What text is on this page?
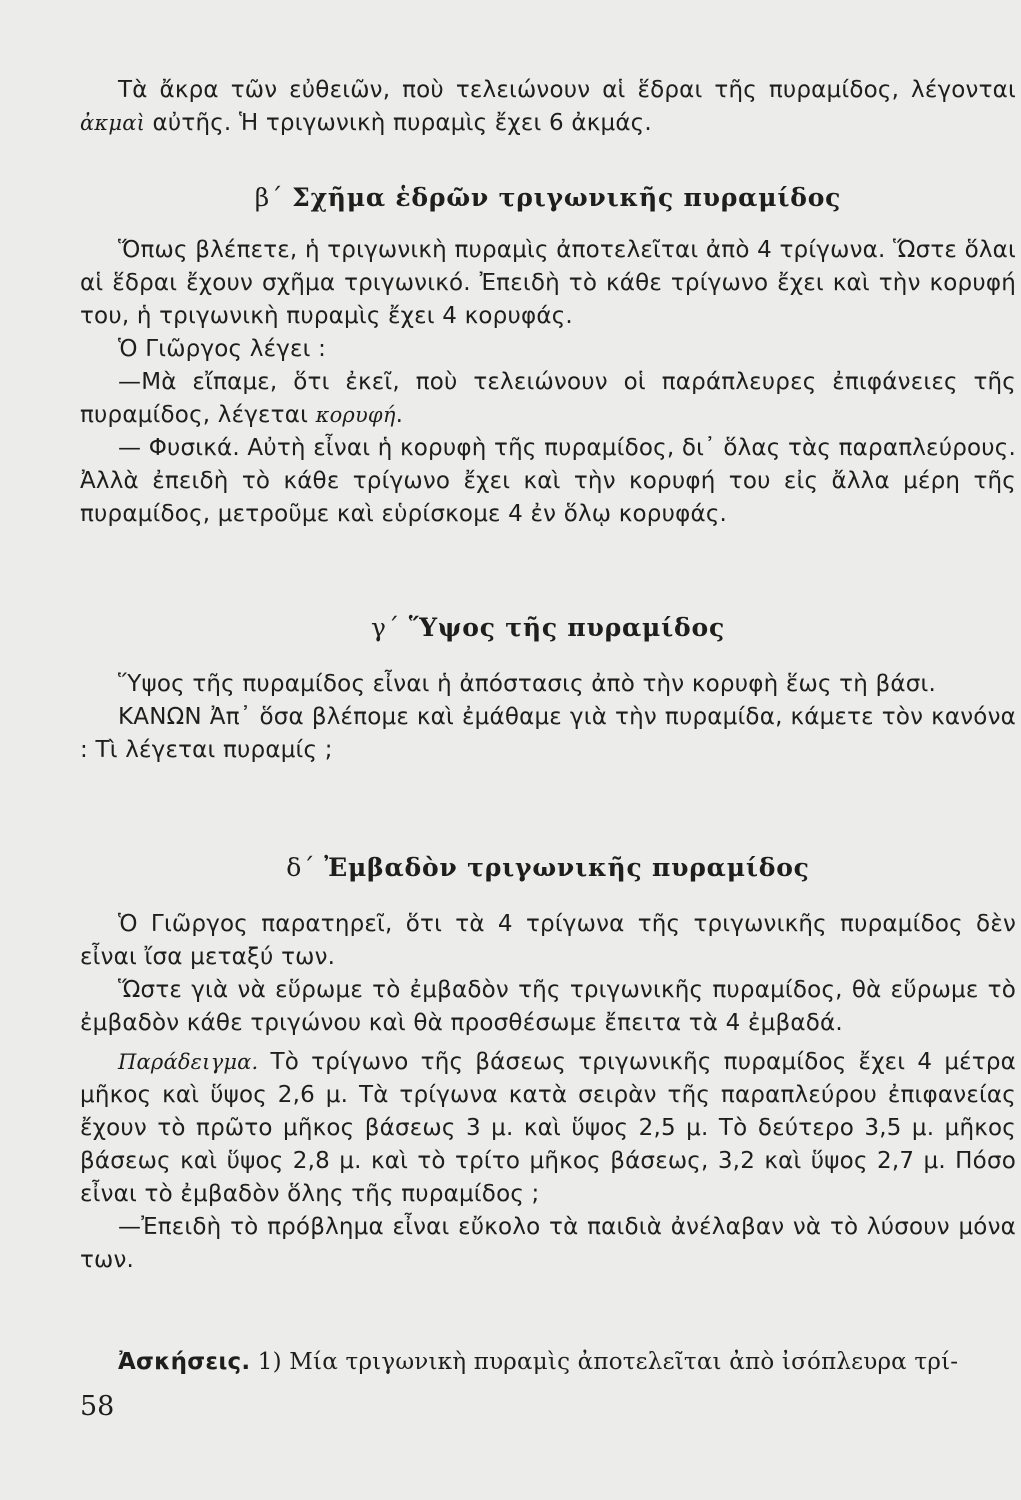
Τὰ ἄκρα τῶν εὐθειῶν, ποὺ τελειώνουν αἱ ἕδραι τῆς πυραμίδος, λέγονται ἀκμαὶ αὐτῆς. Ἡ τριγωνικὴ πυραμὶς ἔχει 6 ἀκμάς.

β΄ Σχῆμα ἑδρῶν τριγωνικῆς πυραμίδος

Ὅπως βλέπετε, ἡ τριγωνικὴ πυραμὶς ἀποτελεῖται ἀπὸ 4 τρίγωνα. Ὥστε ὅλαι αἱ ἕδραι ἔχουν σχῆμα τριγωνικό. Ἐπειδὴ τὸ κάθε τρίγωνο ἔχει καὶ τὴν κορυφή του, ἡ τριγωνικὴ πυραμὶς ἔχει 4 κορυφάς.

Ὁ Γιῶργος λέγει :

—Μὰ εἴπαμε, ὅτι ἐκεῖ, ποὺ τελειώνουν οἱ παράπλευρες ἐπιφάνειες τῆς πυραμίδος, λέγεται κορυφή.

— Φυσικά. Αὐτὴ εἶναι ἡ κορυφὴ τῆς πυραμίδος, δι᾿ ὅλας τὰς παραπλεύρους. Ἀλλὰ ἐπειδὴ τὸ κάθε τρίγωνο ἔχει καὶ τὴν κορυφή του εἰς ἄλλα μέρη τῆς πυραμίδος, μετροῦμε καὶ εὑρίσκομε 4 ἐν ὅλῳ κορυφάς.

γ΄ Ὕψος τῆς πυραμίδος

Ὕψος τῆς πυραμίδος εἶναι ἡ ἀπόστασις ἀπὸ τὴν κορυφὴ ἕως τὴ βάσι.

ΚΑΝΩΝ Ἀπ᾿ ὅσα βλέπομε καὶ ἐμάθαμε γιὰ τὴν πυραμίδα, κάμετε τὸν κανόνα : Τὶ λέγεται πυραμίς ;

δ΄ Ἐμβαδὸν τριγωνικῆς πυραμίδος

Ὁ Γιῶργος παρατηρεῖ, ὅτι τὰ 4 τρίγωνα τῆς τριγωνικῆς πυραμίδος δὲν εἶναι ἴσα μεταξύ των.

Ὥστε γιὰ νὰ εὕρωμε τὸ ἐμβαδὸν τῆς τριγωνικῆς πυραμίδος, θὰ εὕρωμε τὸ ἐμβαδὸν κάθε τριγώνου καὶ θὰ προσθέσωμε ἔπειτα τὰ 4 ἐμβαδά.

Παράδειγμα. Τὸ τρίγωνο τῆς βάσεως τριγωνικῆς πυραμίδος ἔχει 4 μέτρα μῆκος καὶ ὕψος 2,6 μ. Τὰ τρίγωνα κατὰ σειρὰν τῆς παραπλεύρου ἐπιφανείας ἔχουν τὸ πρῶτο μῆκος βάσεως 3 μ. καὶ ὕψος 2,5 μ. Τὸ δεύτερο 3,5 μ. μῆκος βάσεως καὶ ὕψος 2,8 μ. καὶ τὸ τρίτο μῆκος βάσεως, 3,2 καὶ ὕψος 2,7 μ. Πόσο εἶναι τὸ ἐμβαδὸν ὅλης τῆς πυραμίδος ;

—Ἐπειδὴ τὸ πρόβλημα εἶναι εὔκολο τὰ παιδιὰ ἀνέλαβαν νὰ τὸ λύσουν μόνα των.

Ἀσκήσεις. 1) Μία τριγωνικὴ πυραμὶς ἀποτελεῖται ἀπὸ ἰσόπλευρα τρί-

58
